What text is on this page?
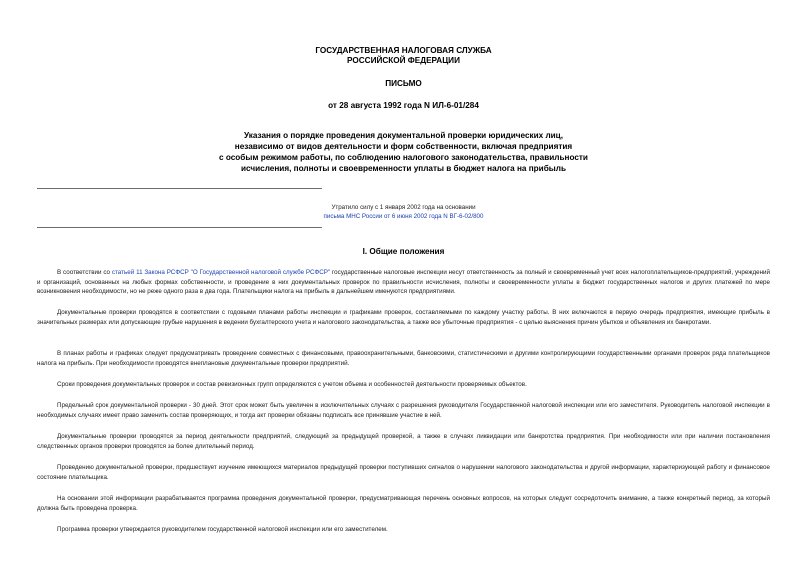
ГОСУДАРСТВЕННАЯ НАЛОГОВАЯ СЛУЖБА
РОССИЙСКОЙ ФЕДЕРАЦИИ
ПИСЬМО
от 28 августа 1992 года N ИЛ-6-01/284
Указания о порядке проведения документальной проверки юридических лиц,
независимо от видов деятельности и форм собственности, включая предприятия
с особым режимом работы, по соблюдению налогового законодательства, правильности
исчисления, полноты и своевременности уплаты в бюджет налога на прибыль
Утратило силу с 1 января 2002 года на основании
письма МНС России от 6 июня 2002 года N ВГ-6-02/800
I. Общие положения

В соответствии со статьей 11 Закона РСФСР "О Государственной налоговой службе РСФСР" государственные налоговые инспекции несут ответственность за полный и своевременный учет всех налогоплательщиков-предприятий, учреждений и организаций, основанных на любых формах собственности, и проведение в них документальных проверок по правильности исчисления, полноты и своевременности уплаты в бюджет государственных налогов и других платежей по мере возникновения необходимости, но не реже одного раза в два года. Плательщики налога на прибыль в дальнейшем именуются предприятиями.

Документальные проверки проводятся в соответствии с годовыми планами работы инспекции и графиками проверок, составляемыми по каждому участку работы. В них включаются в первую очередь предприятия, имеющие прибыль в значительных размерах или допускающие грубые нарушения в ведении бухгалтерского учета и налогового законодательства, а также все убыточные предприятия - с целью выяснения причин убытков и объявления их банкротами.

В планах работы и графиках следует предусматривать проведение совместных с финансовыми, правоохранительными, банковскими, статистическими и другими контролирующими государственными органами проверок ряда плательщиков налога на прибыль. При необходимости проводятся внеплановые документальные проверки предприятий.

Сроки проведения документальных проверок и состав ревизионных групп определяются с учетом объема и особенностей деятельности проверяемых объектов.

Предельный срок документальной проверки - 30 дней. Этот срок может быть увеличен в исключительных случаях с разрешения руководителя Государственной налоговой инспекции или его заместителя. Руководитель налоговой инспекции в необходимых случаях имеет право заменить состав проверяющих, и тогда акт проверки обязаны подписать все принявшие участие в ней.

Документальные проверки проводятся за период деятельности предприятий, следующий за предыдущей проверкой, а также в случаях ликвидации или банкротства предприятия. При необходимости или при наличии постановления следственных органов проверки проводятся за более длительный период.

Проведению документальной проверки, предшествует изучение имеющихся материалов предыдущей проверки поступивших сигналов о нарушении налогового законодательства и другой информации, характеризующей работу и финансовое состояние плательщика.

На основании этой информации разрабатывается программа проведения документальной проверки, предусматривающая перечень основных вопросов, на которых следует сосредоточить внимание, а также конкретный период, за который должна быть проведена проверка.

Программа проверки утверждается руководителем государственной налоговой инспекции или его заместителем.
